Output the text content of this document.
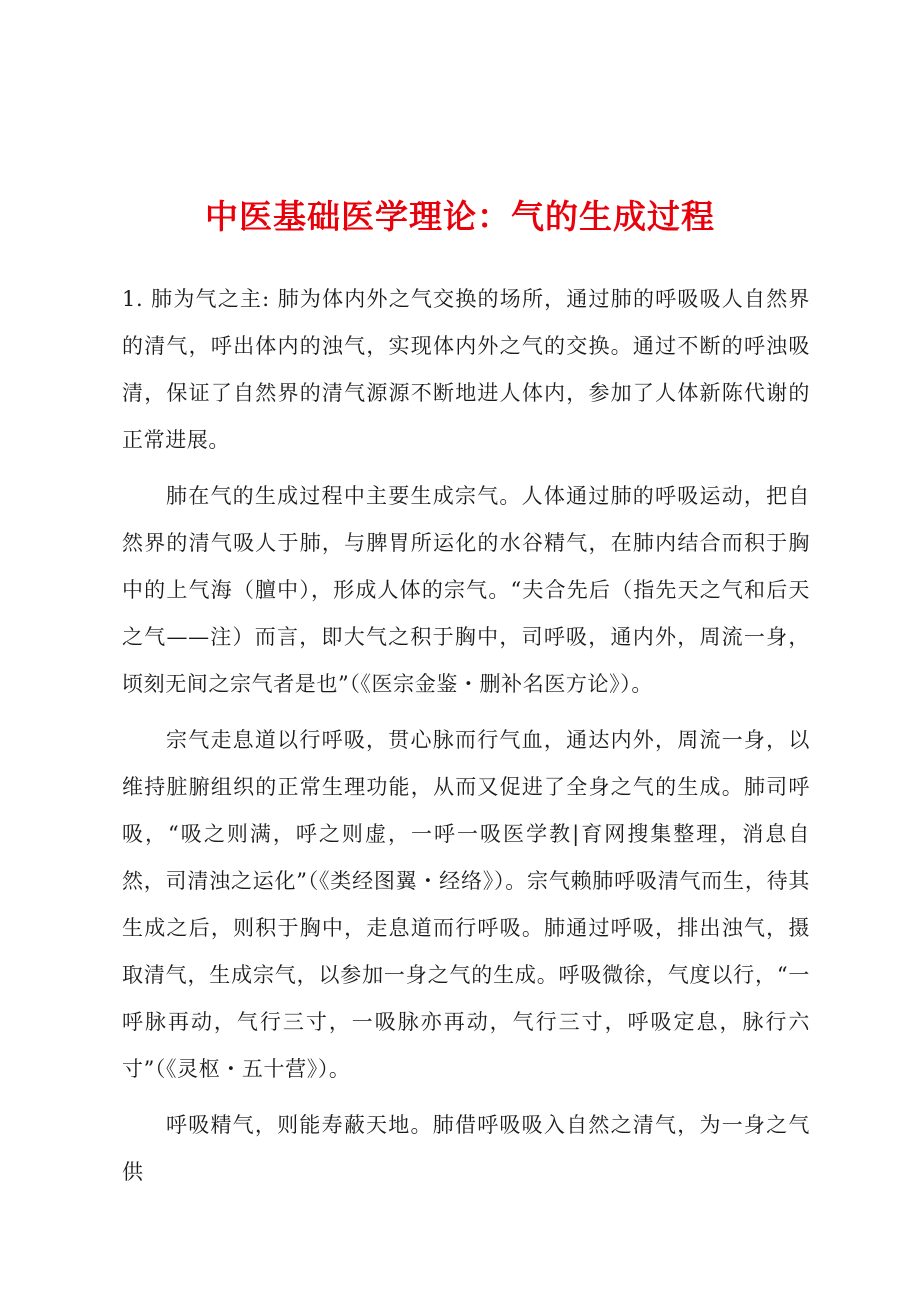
中医基础医学理论：气的生成过程

1. 肺为气之主: 肺为体内外之气交换的场所，通过肺的呼吸吸人自然界的清气，呼出体内的浊气，实现体内外之气的交换。通过不断的呼浊吸清，保证了自然界的清气源源不断地进人体内，参加了人体新陈代谢的正常进展。

肺在气的生成过程中主要生成宗气。人体通过肺的呼吸运动，把自然界的清气吸人于肺，与脾胃所运化的水谷精气，在肺内结合而积于胸中的上气海（膻中），形成人体的宗气。“夫合先后（指先天之气和后天之气——注）而言，即大气之积于胸中，司呼吸，通内外，周流一身，顷刻无间之宗气者是也”（《医宗金鉴・删补名医方论》）。

宗气走息道以行呼吸，贯心脉而行气血，通达内外，周流一身，以维持脏腑组织的正常生理功能，从而又促进了全身之气的生成。肺司呼吸，“吸之则满，呼之则虚，一呼一吸医学教|育网搜集整理，消息自然，司清浊之运化”（《类经图翼・经络》）。宗气赖肺呼吸清气而生，待其生成之后，则积于胸中，走息道而行呼吸。肺通过呼吸，排出浊气，摄取清气，生成宗气，以参加一身之气的生成。呼吸微徐，气度以行，“一呼脉再动，气行三寸，一吸脉亦再动，气行三寸，呼吸定息，脉行六寸”（《灵枢・五十营》）。

呼吸精气，则能寿蔽天地。肺借呼吸吸入自然之清气，为一身之气供
